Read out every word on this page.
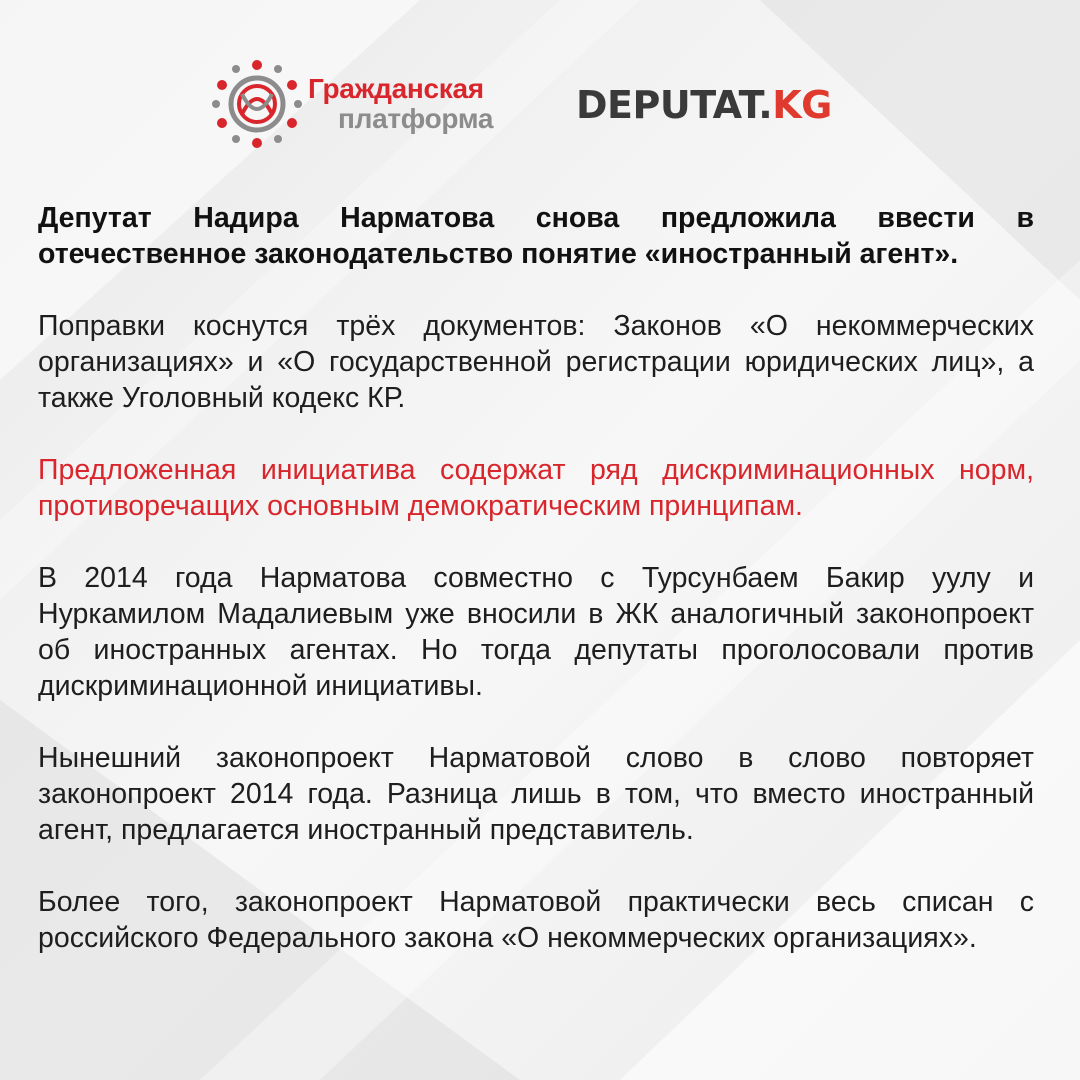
Гражданская
платформа DEPUTAT.KG

Депутат Надира Нарматова снова предложила ввести в отечественное законодательство понятие «иностранный агент».

Поправки коснутся трёх документов: Законов «О некоммерческих организациях» и «О государственной регистрации юридических лиц», а также Уголовный кодекс КР.

Предложенная инициатива содержат ряд дискриминационных норм, противоречащих основным демократическим принципам.

В 2014 года Нарматова совместно с Турсунбаем Бакир уулу и Нуркамилом Мадалиевым уже вносили в ЖК аналогичный законопроект об иностранных агентах. Но тогда депутаты проголосовали против дискриминационной инициативы.

Нынешний законопроект Нарматовой слово в слово повторяет законопроект 2014 года. Разница лишь в том, что вместо иностранный агент, предлагается иностранный представитель.

Более того, законопроект Нарматовой практически весь списан с российского Федерального закона «О некоммерческих организациях».
